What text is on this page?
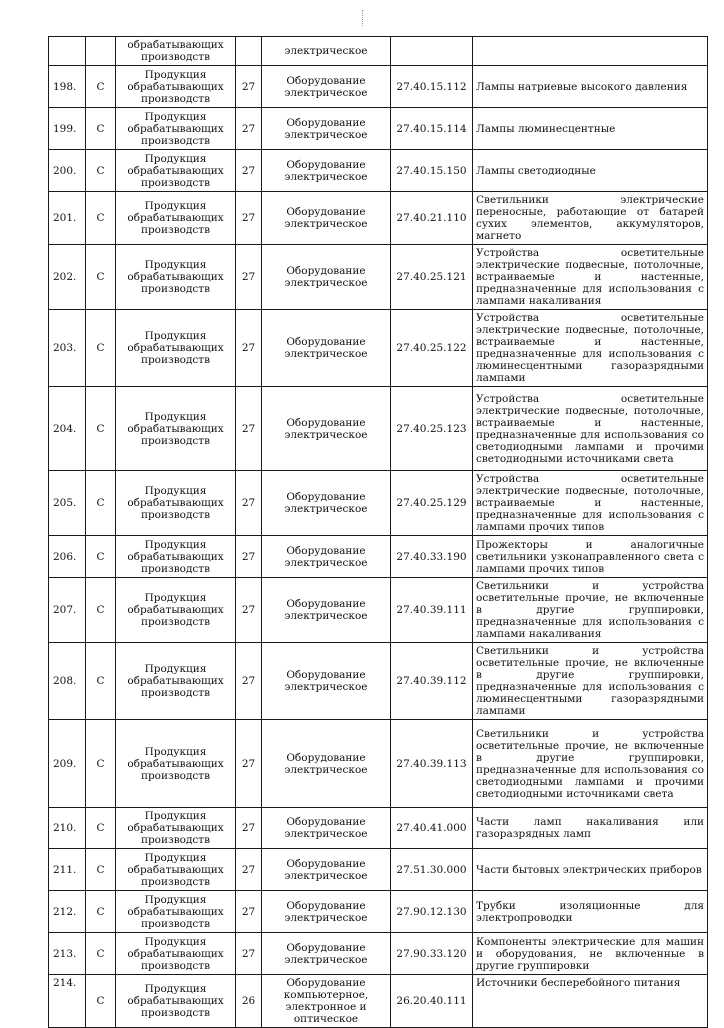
		обрабатывающих производств		электрическое		
198.	С	Продукция обрабатывающих производств	27	Оборудование электрическое	27.40.15.112	Лампы натриевые высокого давления
199.	С	Продукция обрабатывающих производств	27	Оборудование электрическое	27.40.15.114	Лампы люминесцентные
200.	С	Продукция обрабатывающих производств	27	Оборудование электрическое	27.40.15.150	Лампы светодиодные
201.	С	Продукция обрабатывающих производств	27	Оборудование электрическое	27.40.21.110	Светильники электрические переносные, работающие от батарей сухих элементов, аккумуляторов, магнето
202.	С	Продукция обрабатывающих производств	27	Оборудование электрическое	27.40.25.121	Устройства осветительные электрические подвесные, потолочные, встраиваемые и настенные, предназначенные для использования с лампами накаливания
203.	С	Продукция обрабатывающих производств	27	Оборудование электрическое	27.40.25.122	Устройства осветительные электрические подвесные, потолочные, встраиваемые и настенные, предназначенные для использования с люминесцентными газоразрядными лампами
204.	С	Продукция обрабатывающих производств	27	Оборудование электрическое	27.40.25.123	Устройства осветительные электрические подвесные, потолочные, встраиваемые и настенные, предназначенные для использования со светодиодными лампами и прочими светодиодными источниками света
205.	С	Продукция обрабатывающих производств	27	Оборудование электрическое	27.40.25.129	Устройства осветительные электрические подвесные, потолочные, встраиваемые и настенные, предназначенные для использования с лампами прочих типов
206.	С	Продукция обрабатывающих производств	27	Оборудование электрическое	27.40.33.190	Прожекторы и аналогичные светильники узконаправленного света с лампами прочих типов
207.	С	Продукция обрабатывающих производств	27	Оборудование электрическое	27.40.39.111	Светильники и устройства осветительные прочие, не включенные в другие группировки, предназначенные для использования с лампами накаливания
208.	С	Продукция обрабатывающих производств	27	Оборудование электрическое	27.40.39.112	Светильники и устройства осветительные прочие, не включенные в другие группировки, предназначенные для использования с люминесцентными газоразрядными лампами
209.	С	Продукция обрабатывающих производств	27	Оборудование электрическое	27.40.39.113	Светильники и устройства осветительные прочие, не включенные в другие группировки, предназначенные для использования со светодиодными лампами и прочими светодиодными источниками света
210.	С	Продукция обрабатывающих производств	27	Оборудование электрическое	27.40.41.000	Части ламп накаливания или газоразрядных ламп
211.	С	Продукция обрабатывающих производств	27	Оборудование электрическое	27.51.30.000	Части бытовых электрических приборов
212.	С	Продукция обрабатывающих производств	27	Оборудование электрическое	27.90.12.130	Трубки изоляционные для электропроводки
213.	С	Продукция обрабатывающих производств	27	Оборудование электрическое	27.90.33.120	Компоненты электрические для машин и оборудования, не включенные в другие группировки
214.	С	Продукция обрабатывающих производств	26	Оборудование компьютерное, электронное и оптическое	26.20.40.111	Источники бесперебойного питания
